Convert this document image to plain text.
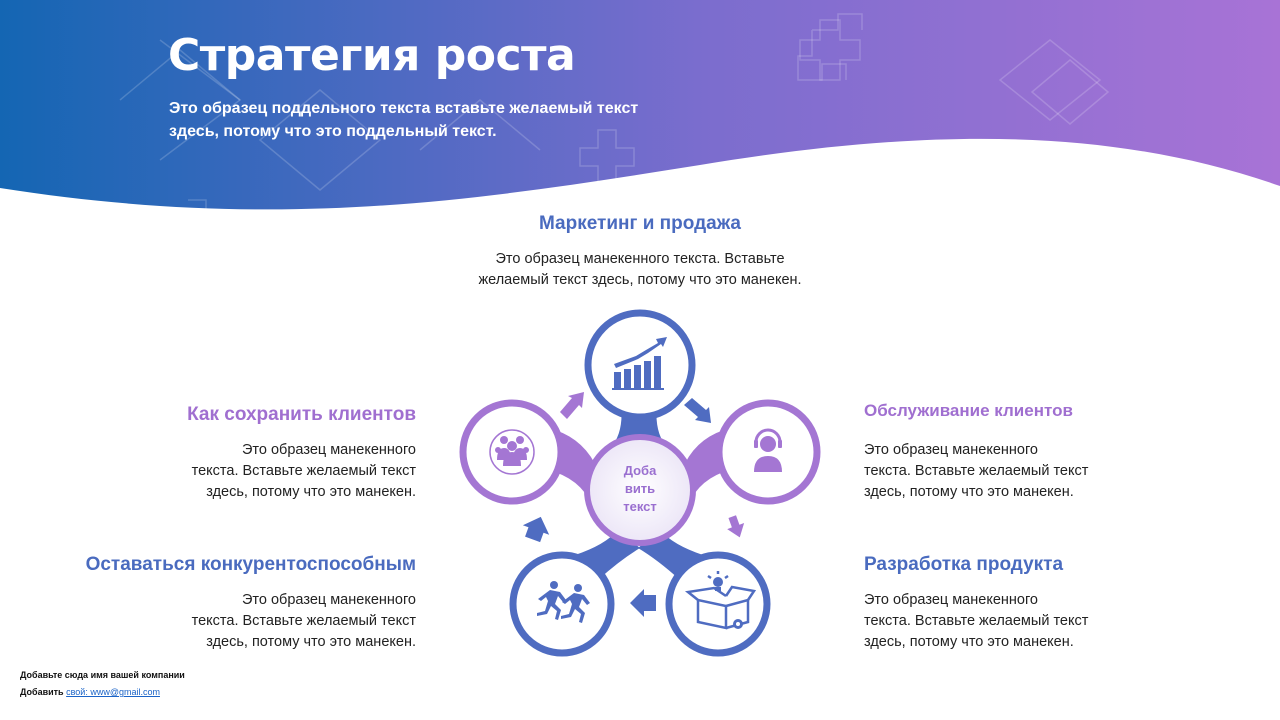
Стратегия роста
Это образец поддельного текста вставьте желаемый текст здесь, потому что это поддельный текст.
Доба
вить
текст
Маркетинг и продажа
Это образец манекенного текста. Вставьте
желаемый текст здесь, потому что это манекен.
Как сохранить клиентов
Это образец манекенного
текста. Вставьте желаемый текст
здесь, потому что это манекен.
Обслуживание клиентов
Это образец манекенного
текста. Вставьте желаемый текст
здесь, потому что это манекен.
Оставаться конкурентоспособным
Это образец манекенного
текста. Вставьте желаемый текст
здесь, потому что это манекен.
Разработка продукта
Это образец манекенного
текста. Вставьте желаемый текст
здесь, потому что это манекен.
Добавьте сюда имя вашей компании
Добавить свой: www@gmail.com
